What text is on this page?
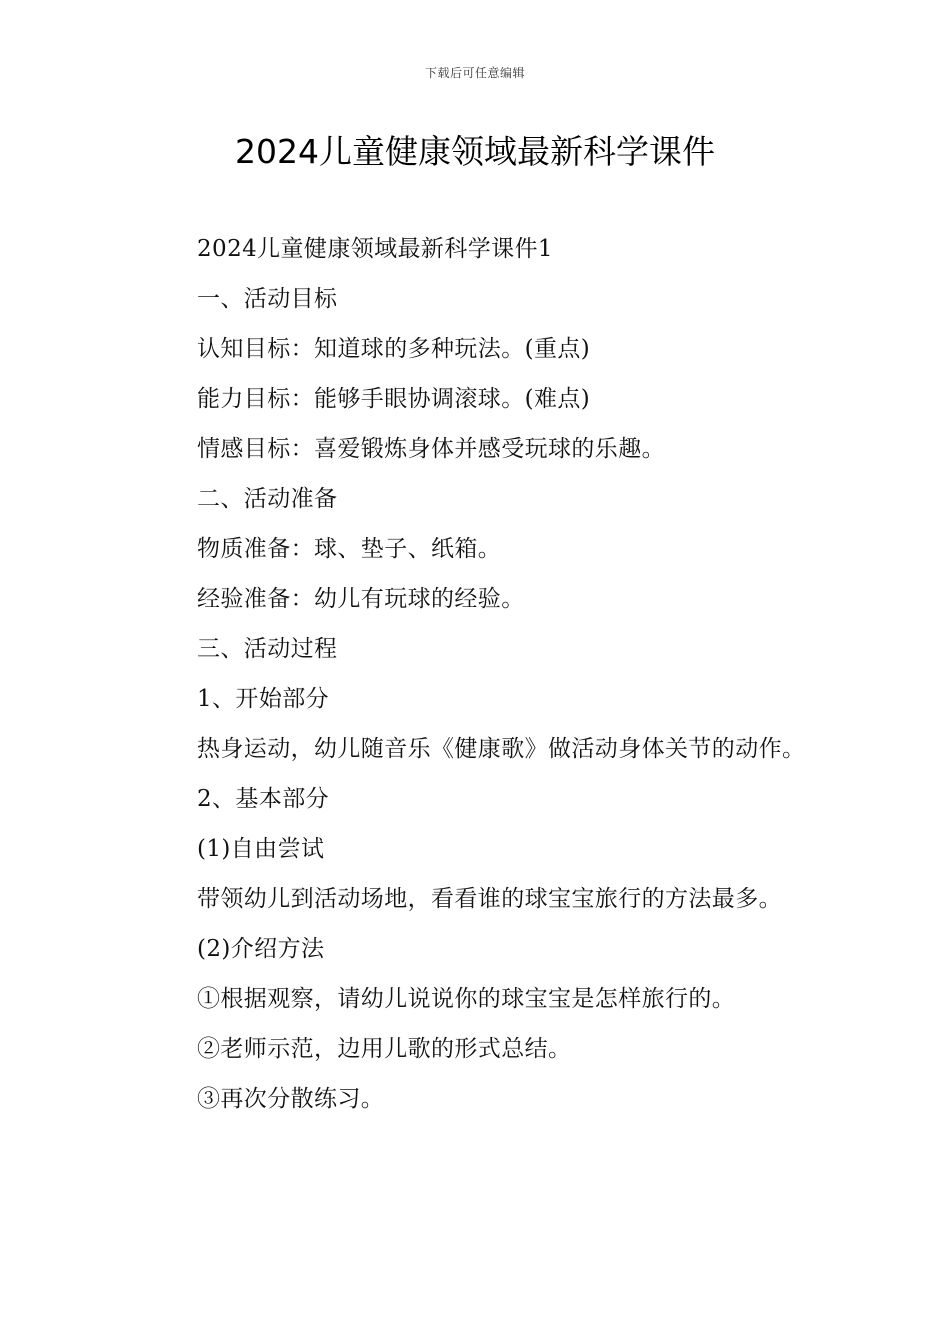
下载后可任意编辑
2024儿童健康领域最新科学课件

2024儿童健康领域最新科学课件1

一、活动目标

认知目标：知道球的多种玩法。(重点)

能力目标：能够手眼协调滚球。(难点)

情感目标：喜爱锻炼身体并感受玩球的乐趣。

二、活动准备

物质准备：球、垫子、纸箱。

经验准备：幼儿有玩球的经验。

三、活动过程

1、开始部分

热身运动，幼儿随音乐《健康歌》做活动身体关节的动作。

2、基本部分

(1)自由尝试

带领幼儿到活动场地，看看谁的球宝宝旅行的方法最多。

(2)介绍方法

①根据观察，请幼儿说说你的球宝宝是怎样旅行的。

②老师示范，边用儿歌的形式总结。

③再次分散练习。
